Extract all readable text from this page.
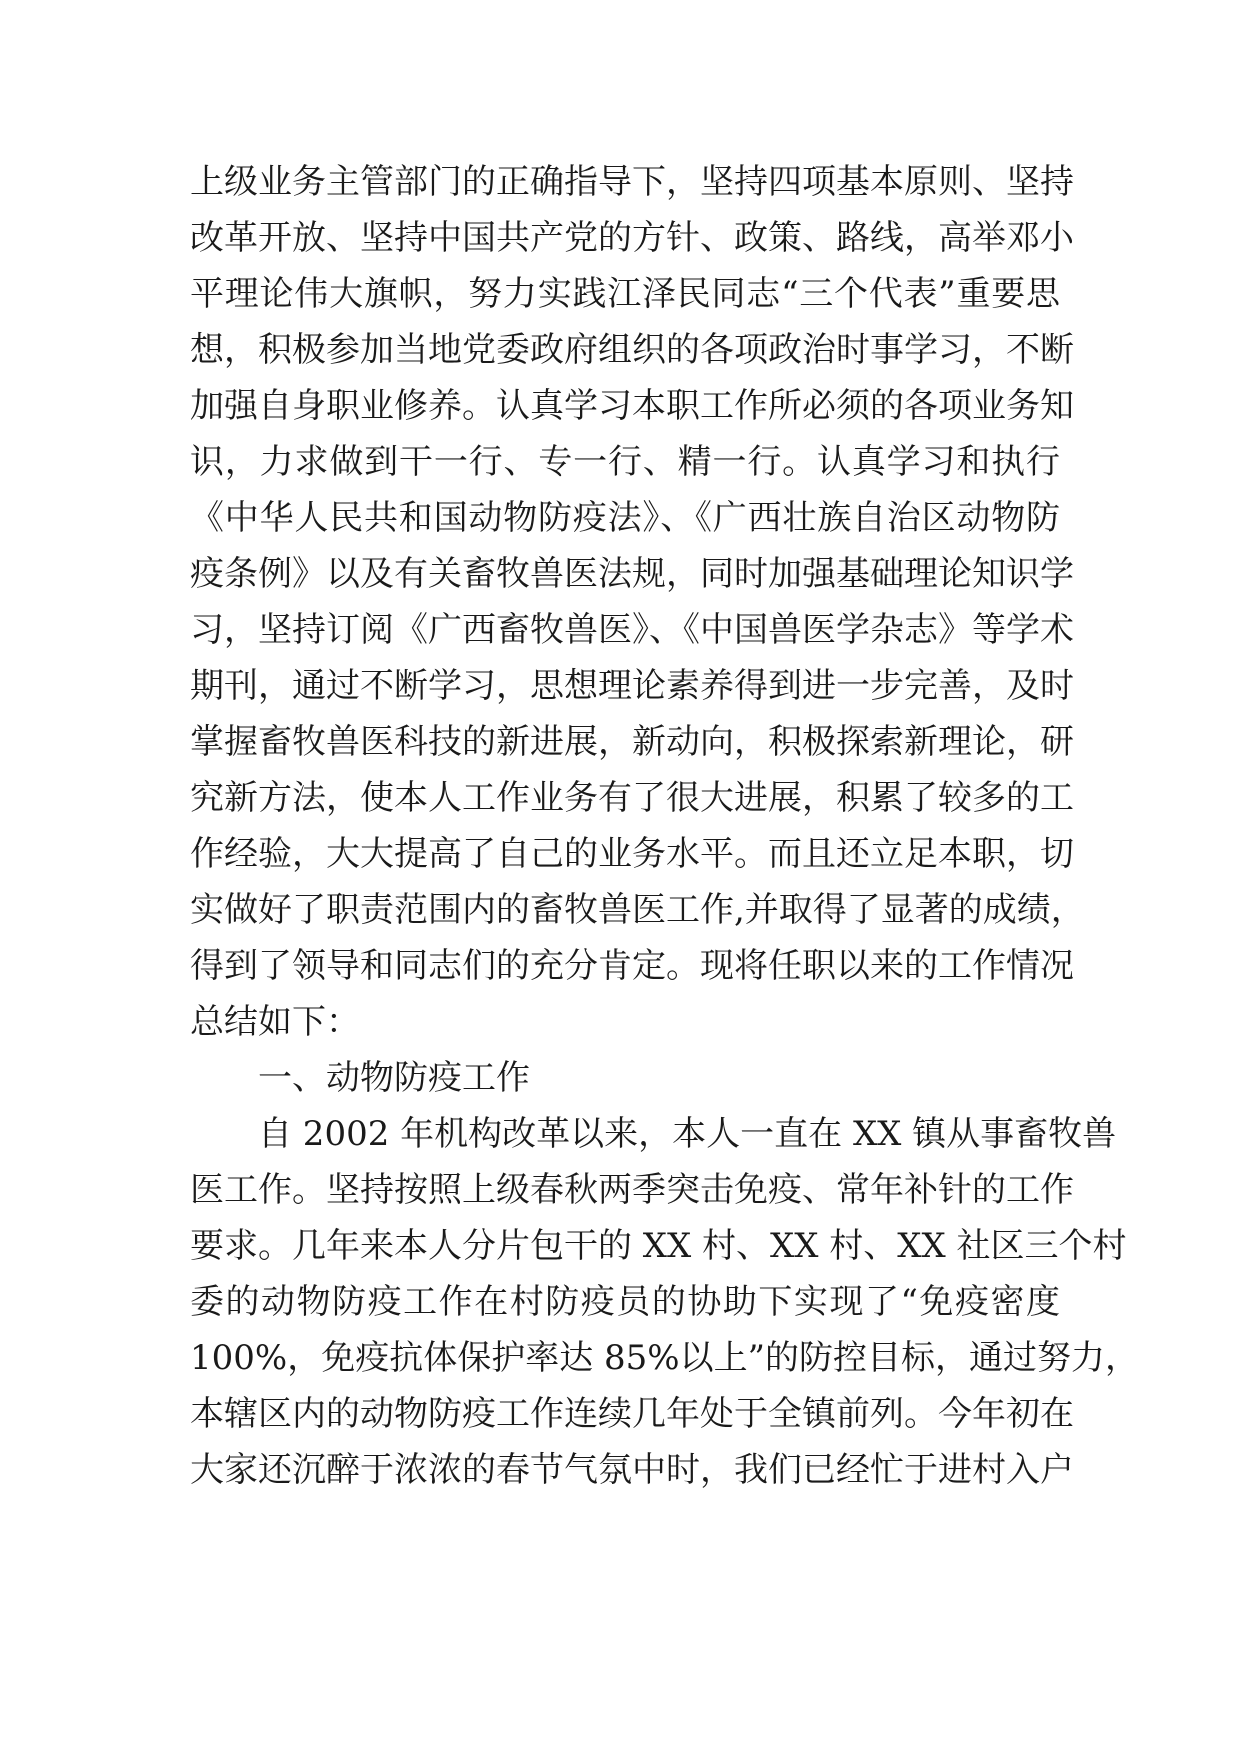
上级业务主管部门的正确指导下，坚持四项基本原则、坚持
改革开放、坚持中国共产党的方针、政策、路线，高举邓小
平理论伟大旗帜，努力实践江泽民同志“三个代表”重要思
想，积极参加当地党委政府组织的各项政治时事学习，不断
加强自身职业修养。认真学习本职工作所必须的各项业务知
识，力求做到干一行、专一行、精一行。认真学习和执行
《中华人民共和国动物防疫法》、《广西壮族自治区动物防
疫条例》以及有关畜牧兽医法规，同时加强基础理论知识学
习，坚持订阅《广西畜牧兽医》、《中国兽医学杂志》等学术
期刊，通过不断学习，思想理论素养得到进一步完善，及时
掌握畜牧兽医科技的新进展，新动向，积极探索新理论，研
究新方法，使本人工作业务有了很大进展，积累了较多的工
作经验，大大提高了自己的业务水平。而且还立足本职，切
实做好了职责范围内的畜牧兽医工作,并取得了显著的成绩，
得到了领导和同志们的充分肯定。现将任职以来的工作情况
总结如下：
一、动物防疫工作
自 2002 年机构改革以来，本人一直在 XX 镇从事畜牧兽
医工作。坚持按照上级春秋两季突击免疫、常年补针的工作
要求。几年来本人分片包干的 XX 村、XX 村、XX 社区三个村
委的动物防疫工作在村防疫员的协助下实现了“免疫密度
100%，免疫抗体保护率达 85%以上”的防控目标，通过努力，
本辖区内的动物防疫工作连续几年处于全镇前列。今年初在
大家还沉醉于浓浓的春节气氛中时，我们已经忙于进村入户
